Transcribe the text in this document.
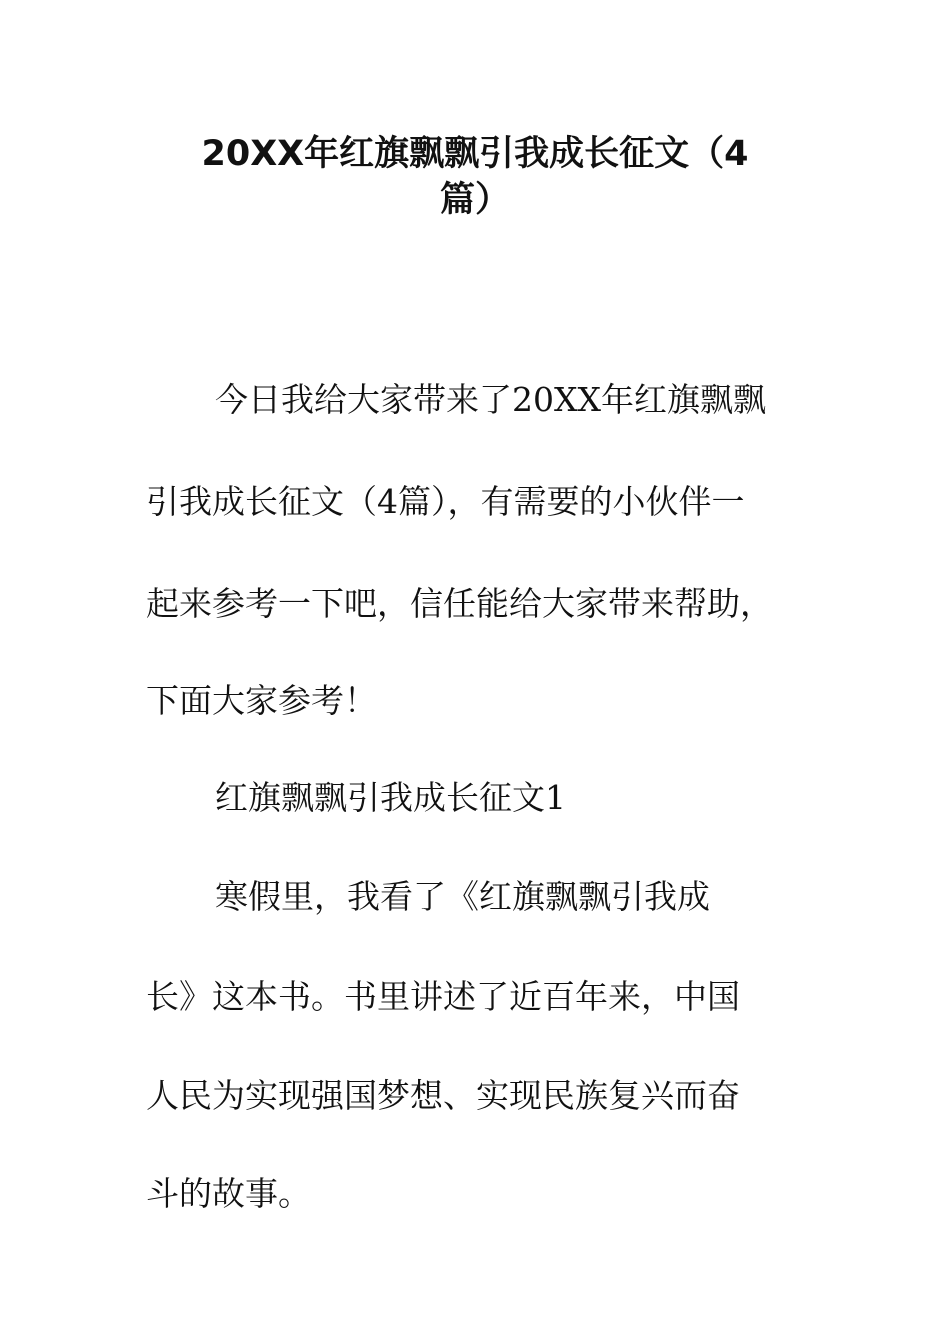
20XX年红旗飘飘引我成长征文（4
篇）

今日我给大家带来了20XX年红旗飘飘

引我成长征文（4篇），有需要的小伙伴一

起来参考一下吧，信任能给大家带来帮助，

下面大家参考！

红旗飘飘引我成长征文1

寒假里，我看了《红旗飘飘引我成

长》这本书。书里讲述了近百年来，中国

人民为实现强国梦想、实现民族复兴而奋

斗的故事。
